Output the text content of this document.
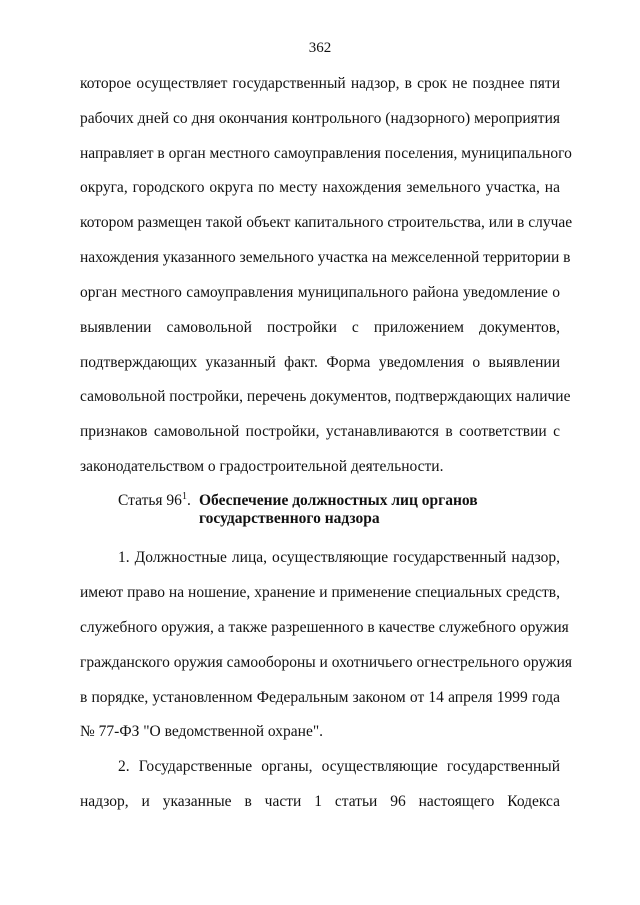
362
которое осуществляет государственный надзор, в срок не позднее пяти
рабочих дней со дня окончания контрольного (надзорного) мероприятия
направляет в орган местного самоуправления поселения, муниципального
округа, городского округа по месту нахождения земельного участка, на
котором размещен такой объект капитального строительства, или в случае
нахождения указанного земельного участка на межселенной территории в
орган местного самоуправления муниципального района уведомление о
выявлении самовольной постройки с приложением документов,
подтверждающих указанный факт. Форма уведомления о выявлении
самовольной постройки, перечень документов, подтверждающих наличие
признаков самовольной постройки, устанавливаются в соответствии с
законодательством о градостроительной деятельности.
Статья $96^1$. Обеспечение должностных лиц органов
государственного надзора
1. Должностные лица, осуществляющие государственный надзор,
имеют право на ношение, хранение и применение специальных средств,
служебного оружия, а также разрешенного в качестве служебного оружия
гражданского оружия самообороны и охотничьего огнестрельного оружия
в порядке, установленном Федеральным законом от 14 апреля 1999 года
№ 77-ФЗ "О ведомственной охране".
2. Государственные органы, осуществляющие государственный
надзор, и указанные в части 1 статьи 96 настоящего Кодекса
